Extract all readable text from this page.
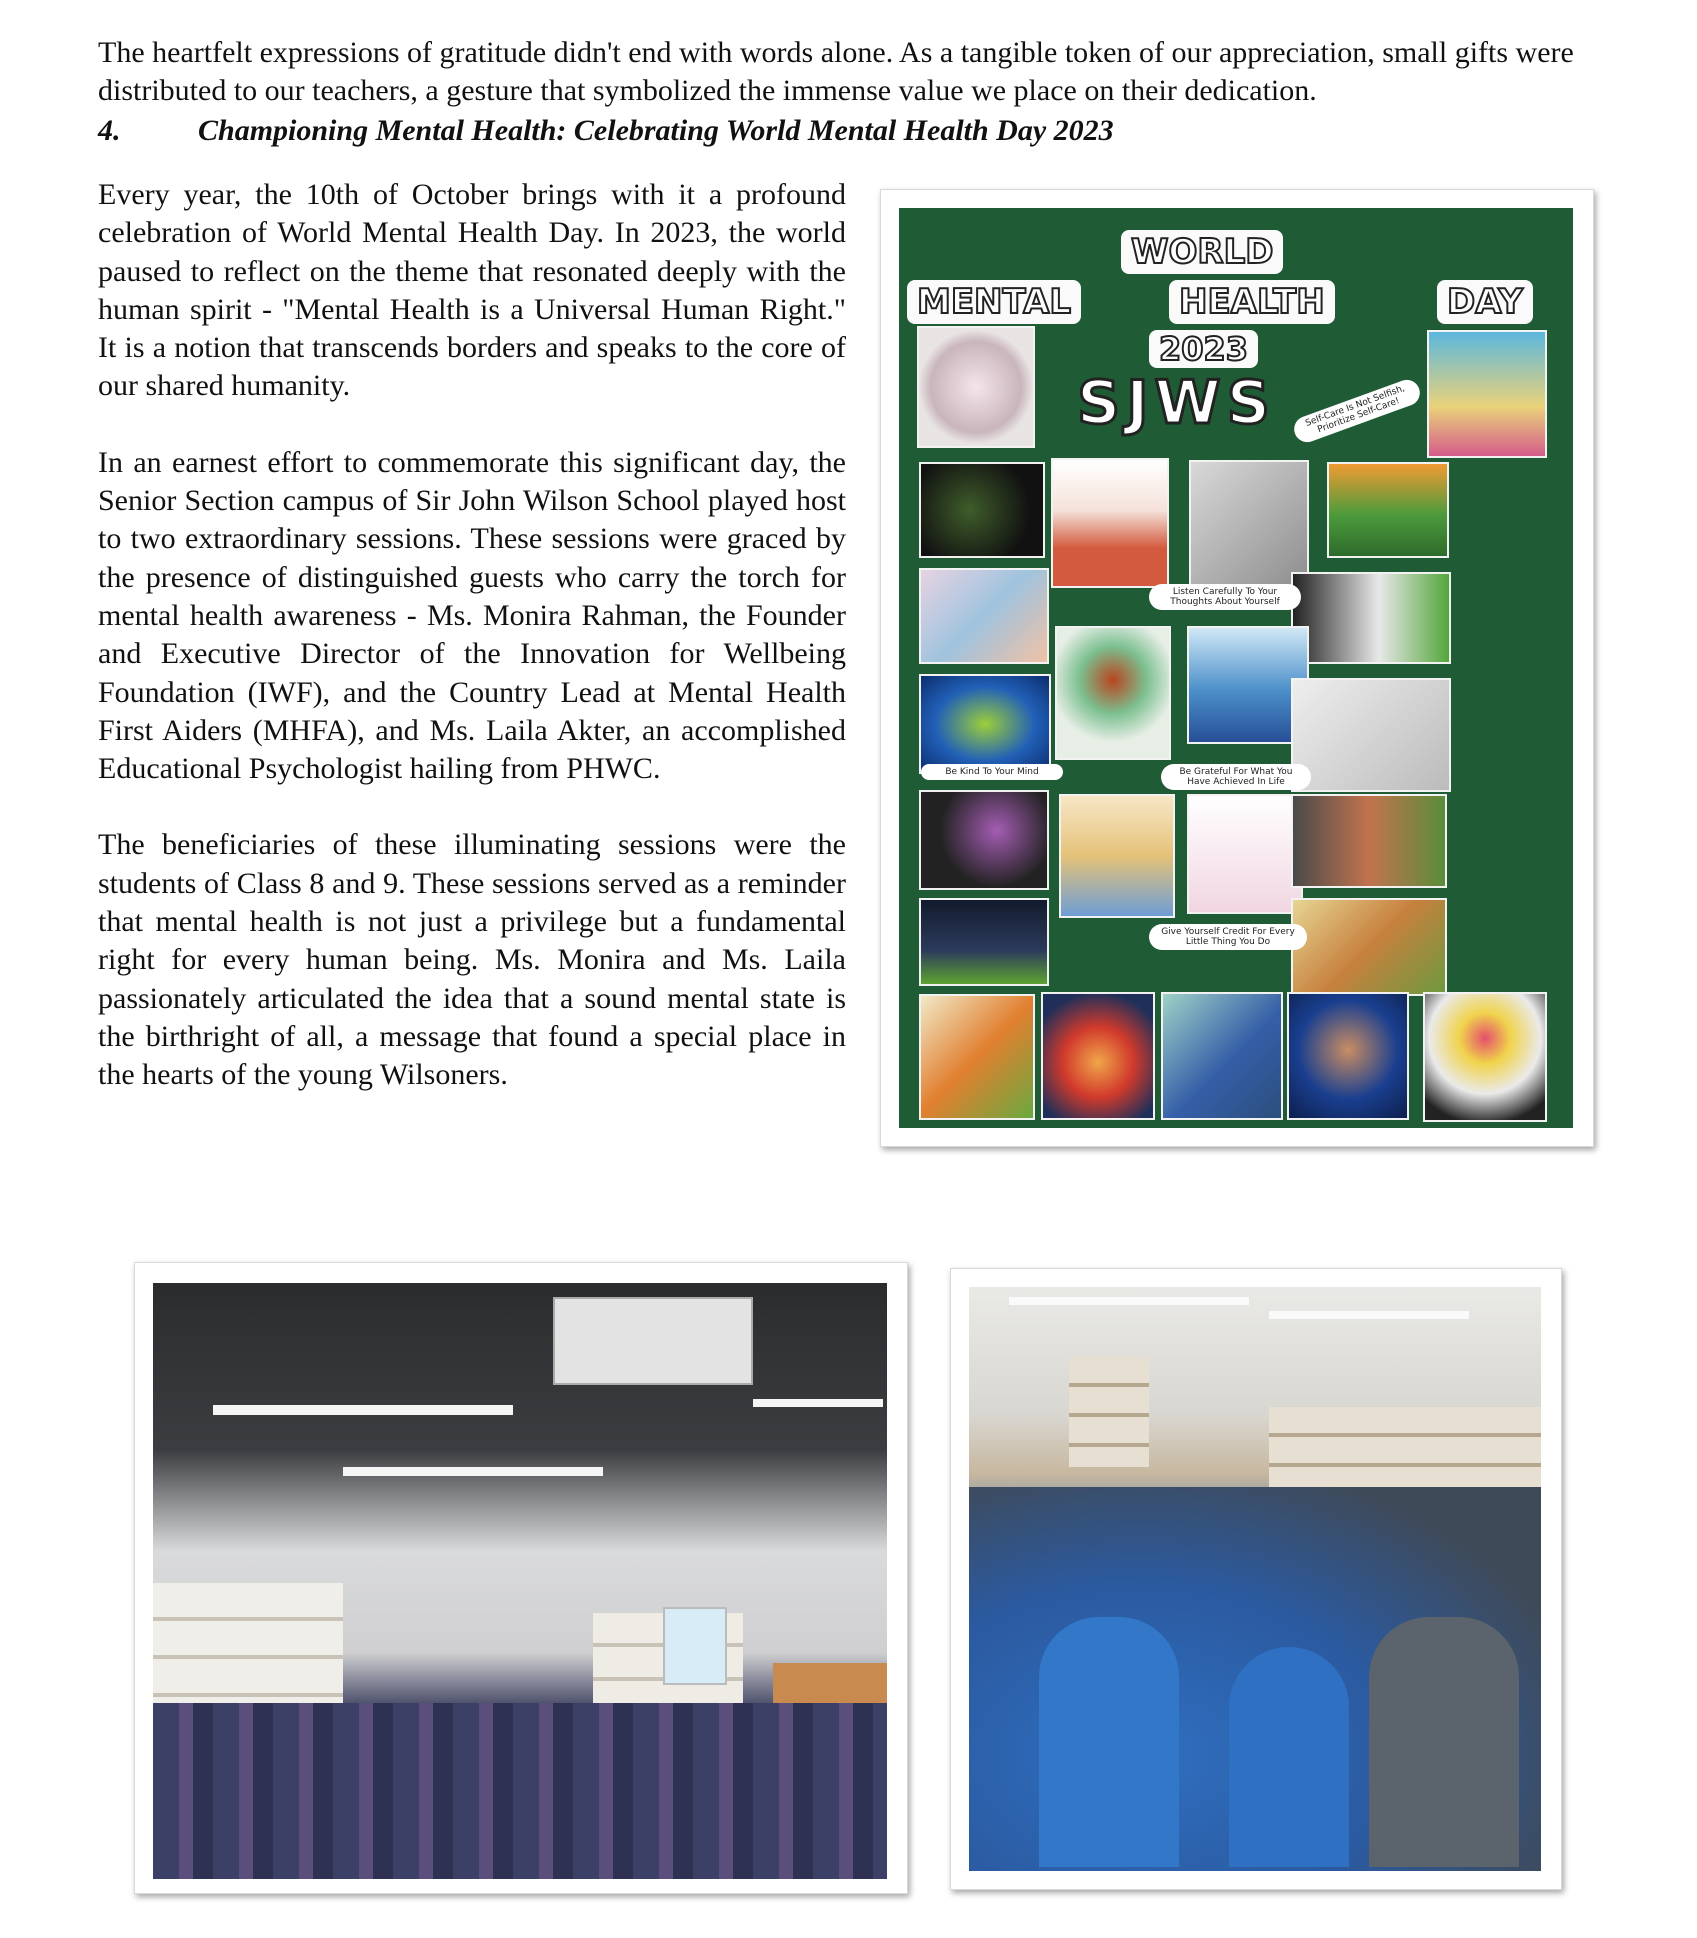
The heartfelt expressions of gratitude didn't end with words alone. As a tangible token of our appreciation, small gifts were distributed to our teachers, a gesture that symbolized the immense value we place on their dedication.

4.	Championing Mental Health: Celebrating World Mental Health Day 2023

Every year, the 10th of October brings with it a profound celebration of World Mental Health Day. In 2023, the world paused to reflect on the theme that resonated deeply with the human spirit - "Mental Health is a Universal Human Right." It is a notion that transcends borders and speaks to the core of our shared humanity.

In an earnest effort to commemorate this significant day, the Senior Section campus of Sir John Wilson School played host to two extraordinary sessions. These sessions were graced by the presence of distinguished guests who carry the torch for mental health awareness - Ms. Monira Rahman, the Founder and Executive Director of the Innovation for Wellbeing Foundation (IWF), and the Country Lead at Mental Health First Aiders (MHFA), and Ms. Laila Akter, an accomplished Educational Psychologist hailing from PHWC.

The beneficiaries of these illuminating sessions were the students of Class 8 and 9. These sessions served as a reminder that mental health is not just a privilege but a fundamental right for every human being. Ms. Monira and Ms. Laila passionately articulated the idea that a sound mental state is the birthright of all, a message that found a special place in the hearts of the young Wilsoners.

WORLD
MENTAL	HEALTH	DAY
2023
SJWS	Self-Care Is Not Selfish, Prioritize Self-Care!
Listen Carefully To Your Thoughts About Yourself
Be Kind To Your Mind	Be Grateful For What You Have Achieved In Life
Give Yourself Credit For Every Little Thing You Do
